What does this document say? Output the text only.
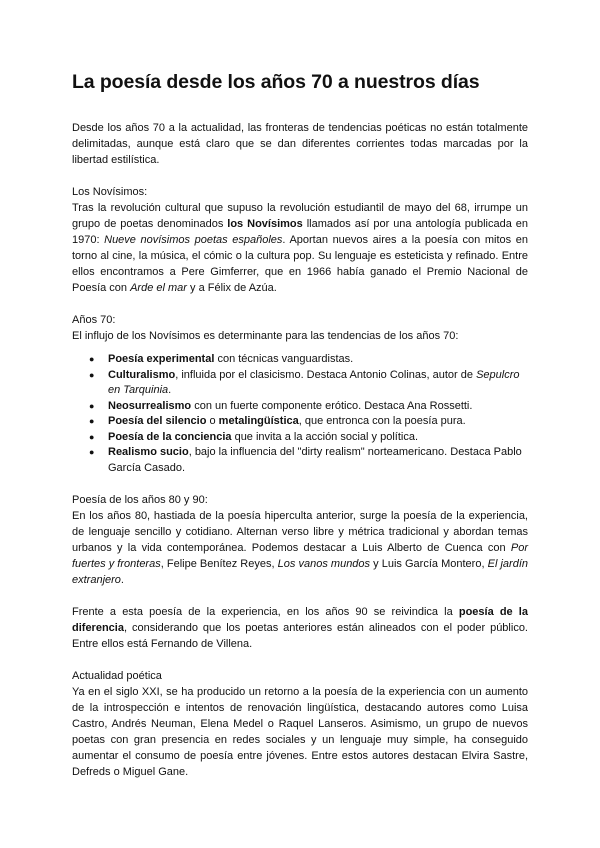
La poesía desde los años 70 a nuestros días

Desde los años 70 a la actualidad, las fronteras de tendencias poéticas no están totalmente delimitadas, aunque está claro que se dan diferentes corrientes todas marcadas por la libertad estilística.

Los Novísimos:

Tras la revolución cultural que supuso la revolución estudiantil de mayo del 68, irrumpe un grupo de poetas denominados los Novísimos llamados así por una antología publicada en 1970: Nueve novísimos poetas españoles. Aportan nuevos aires a la poesía con mitos en torno al cine, la música, el cómic o la cultura pop. Su lenguaje es esteticista y refinado. Entre ellos encontramos a Pere Gimferrer, que en 1966 había ganado el Premio Nacional de Poesía con Arde el mar y a Félix de Azúa.

Años 70:

El influjo de los Novísimos es determinante para las tendencias de los años 70:

● Poesía experimental con técnicas vanguardistas.
● Culturalismo, influida por el clasicismo. Destaca Antonio Colinas, autor de Sepulcro en Tarquinia.
● Neosurrealismo con un fuerte componente erótico. Destaca Ana Rossetti.
● Poesía del silencio o metalingüística, que entronca con la poesía pura.
● Poesía de la conciencia que invita a la acción social y política.
● Realismo sucio, bajo la influencia del "dirty realism" norteamericano. Destaca Pablo García Casado.

Poesía de los años 80 y 90:

En los años 80, hastiada de la poesía hiperculta anterior, surge la poesía de la experiencia, de lenguaje sencillo y cotidiano. Alternan verso libre y métrica tradicional y abordan temas urbanos y la vida contemporánea. Podemos destacar a Luis Alberto de Cuenca con Por fuertes y fronteras, Felipe Benítez Reyes, Los vanos mundos y Luis García Montero, El jardín extranjero.

Frente a esta poesía de la experiencia, en los años 90 se reivindica la poesía de la diferencia, considerando que los poetas anteriores están alineados con el poder público. Entre ellos está Fernando de Villena.

Actualidad poética

Ya en el siglo XXI, se ha producido un retorno a la poesía de la experiencia con un aumento de la introspección e intentos de renovación lingüística, destacando autores como Luisa Castro, Andrés Neuman, Elena Medel o Raquel Lanseros. Asimismo, un grupo de nuevos poetas con gran presencia en redes sociales y un lenguaje muy simple, ha conseguido aumentar el consumo de poesía entre jóvenes. Entre estos autores destacan Elvira Sastre, Defreds o Miguel Gane.
